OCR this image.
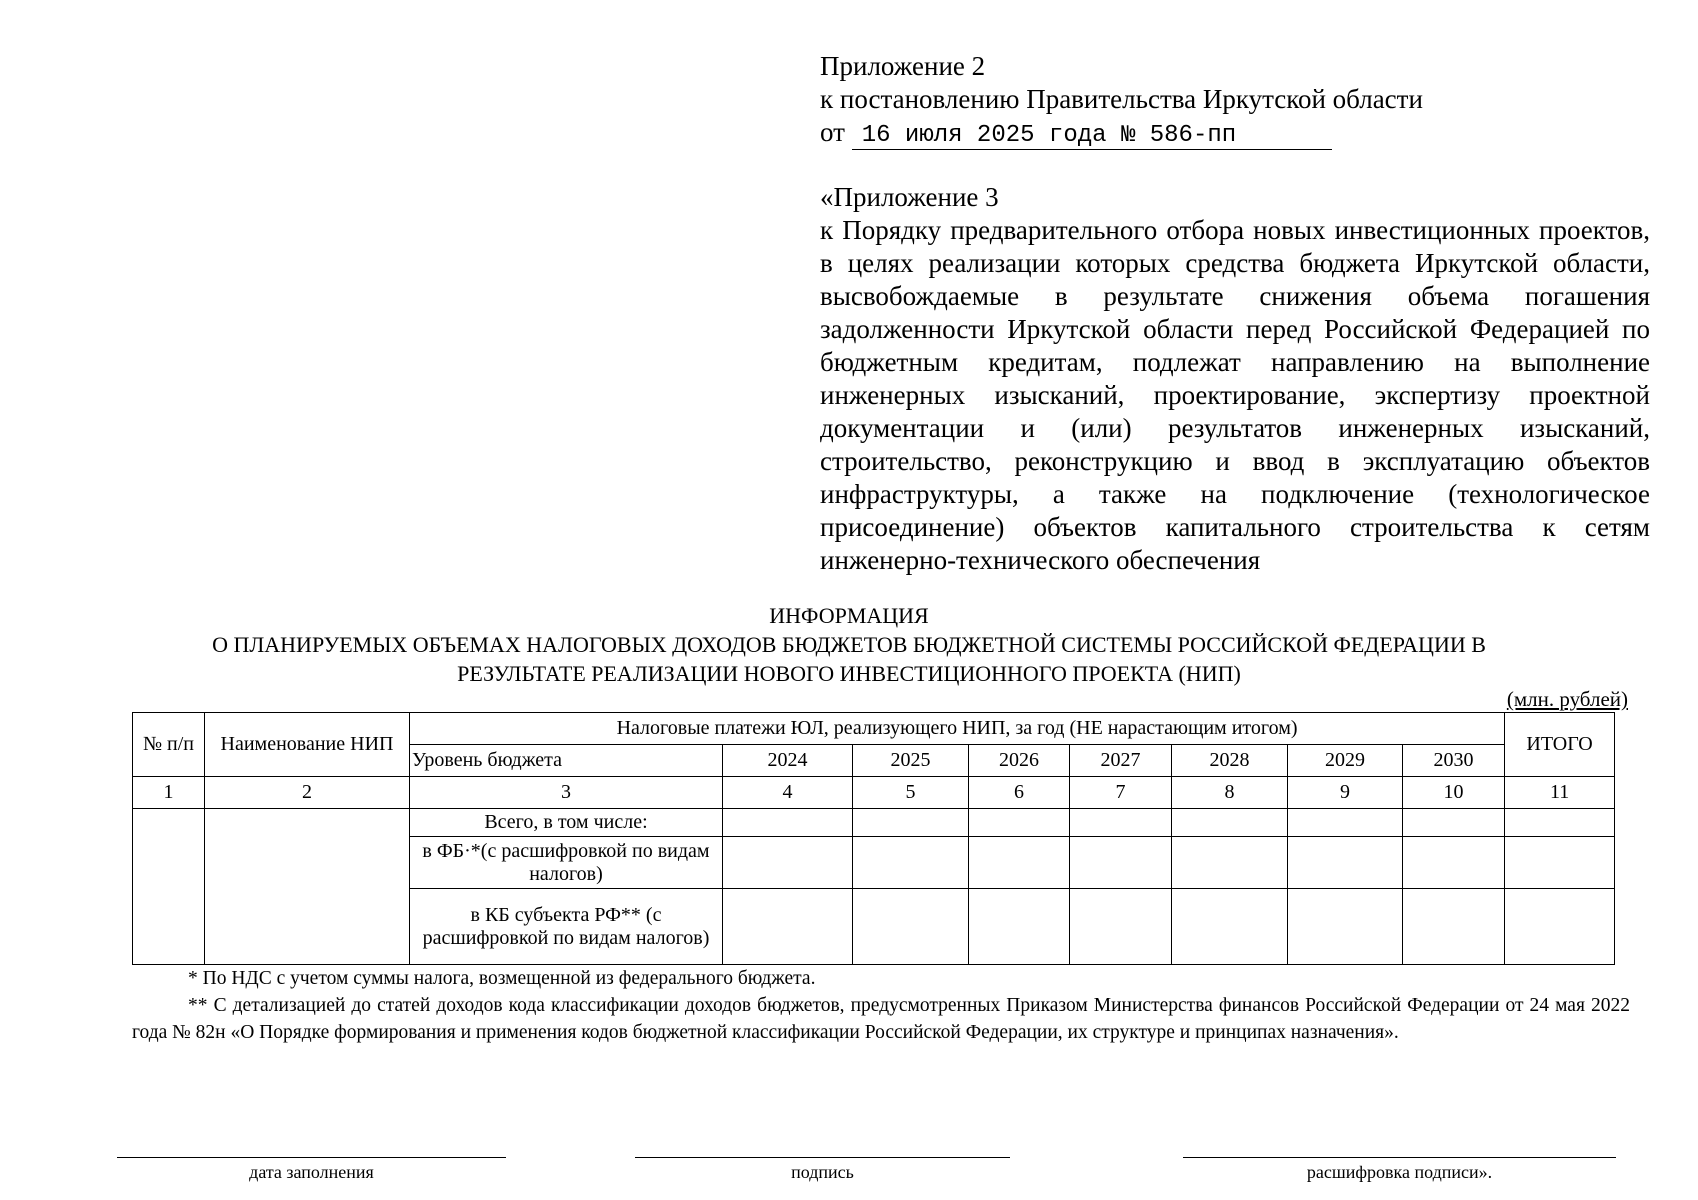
Приложение 2
к постановлению Правительства Иркутской области
от 16 июля 2025 года № 586-пп
«Приложение 3
к Порядку предварительного отбора новых инвестиционных проектов, в целях реализации которых средства бюджета Иркутской области, высвобождаемые в результате снижения объема погашения задолженности Иркутской области перед Российской Федерацией по бюджетным кредитам, подлежат направлению на выполнение инженерных изысканий, проектирование, экспертизу проектной документации и (или) результатов инженерных изысканий, строительство, реконструкцию и ввод в эксплуатацию объектов инфраструктуры, а также на подключение (технологическое присоединение) объектов капитального строительства к сетям инженерно-технического обеспечения
ИНФОРМАЦИЯ
О ПЛАНИРУЕМЫХ ОБЪЕМАХ НАЛОГОВЫХ ДОХОДОВ БЮДЖЕТОВ БЮДЖЕТНОЙ СИСТЕМЫ РОССИЙСКОЙ ФЕДЕРАЦИИ В
РЕЗУЛЬТАТЕ РЕАЛИЗАЦИИ НОВОГО ИНВЕСТИЦИОННОГО ПРОЕКТА (НИП)
(млн. рублей)
№ п/п	Наименование НИП	Налоговые платежи ЮЛ, реализующего НИП, за год (НЕ нарастающим итогом)								ИТОГО
		Уровень бюджета	2024	2025	2026	2027	2028	2029	2030	
1	2	3	4	5	6	7	8	9	10	11
		Всего, в том числе:								
		в ФБ·*(с расшифровкой по видам налогов)								
		в КБ субъекта РФ** (с расшифровкой по видам налогов)								
* По НДС с учетом суммы налога, возмещенной из федерального бюджета.
** С детализацией до статей доходов кода классификации доходов бюджетов, предусмотренных Приказом Министерства финансов Российской Федерации от 24 мая 2022 года № 82н «О Порядке формирования и применения кодов бюджетной классификации Российской Федерации, их структуре и принципах назначения».
дата заполнения	подпись	расшифровка подписи».
